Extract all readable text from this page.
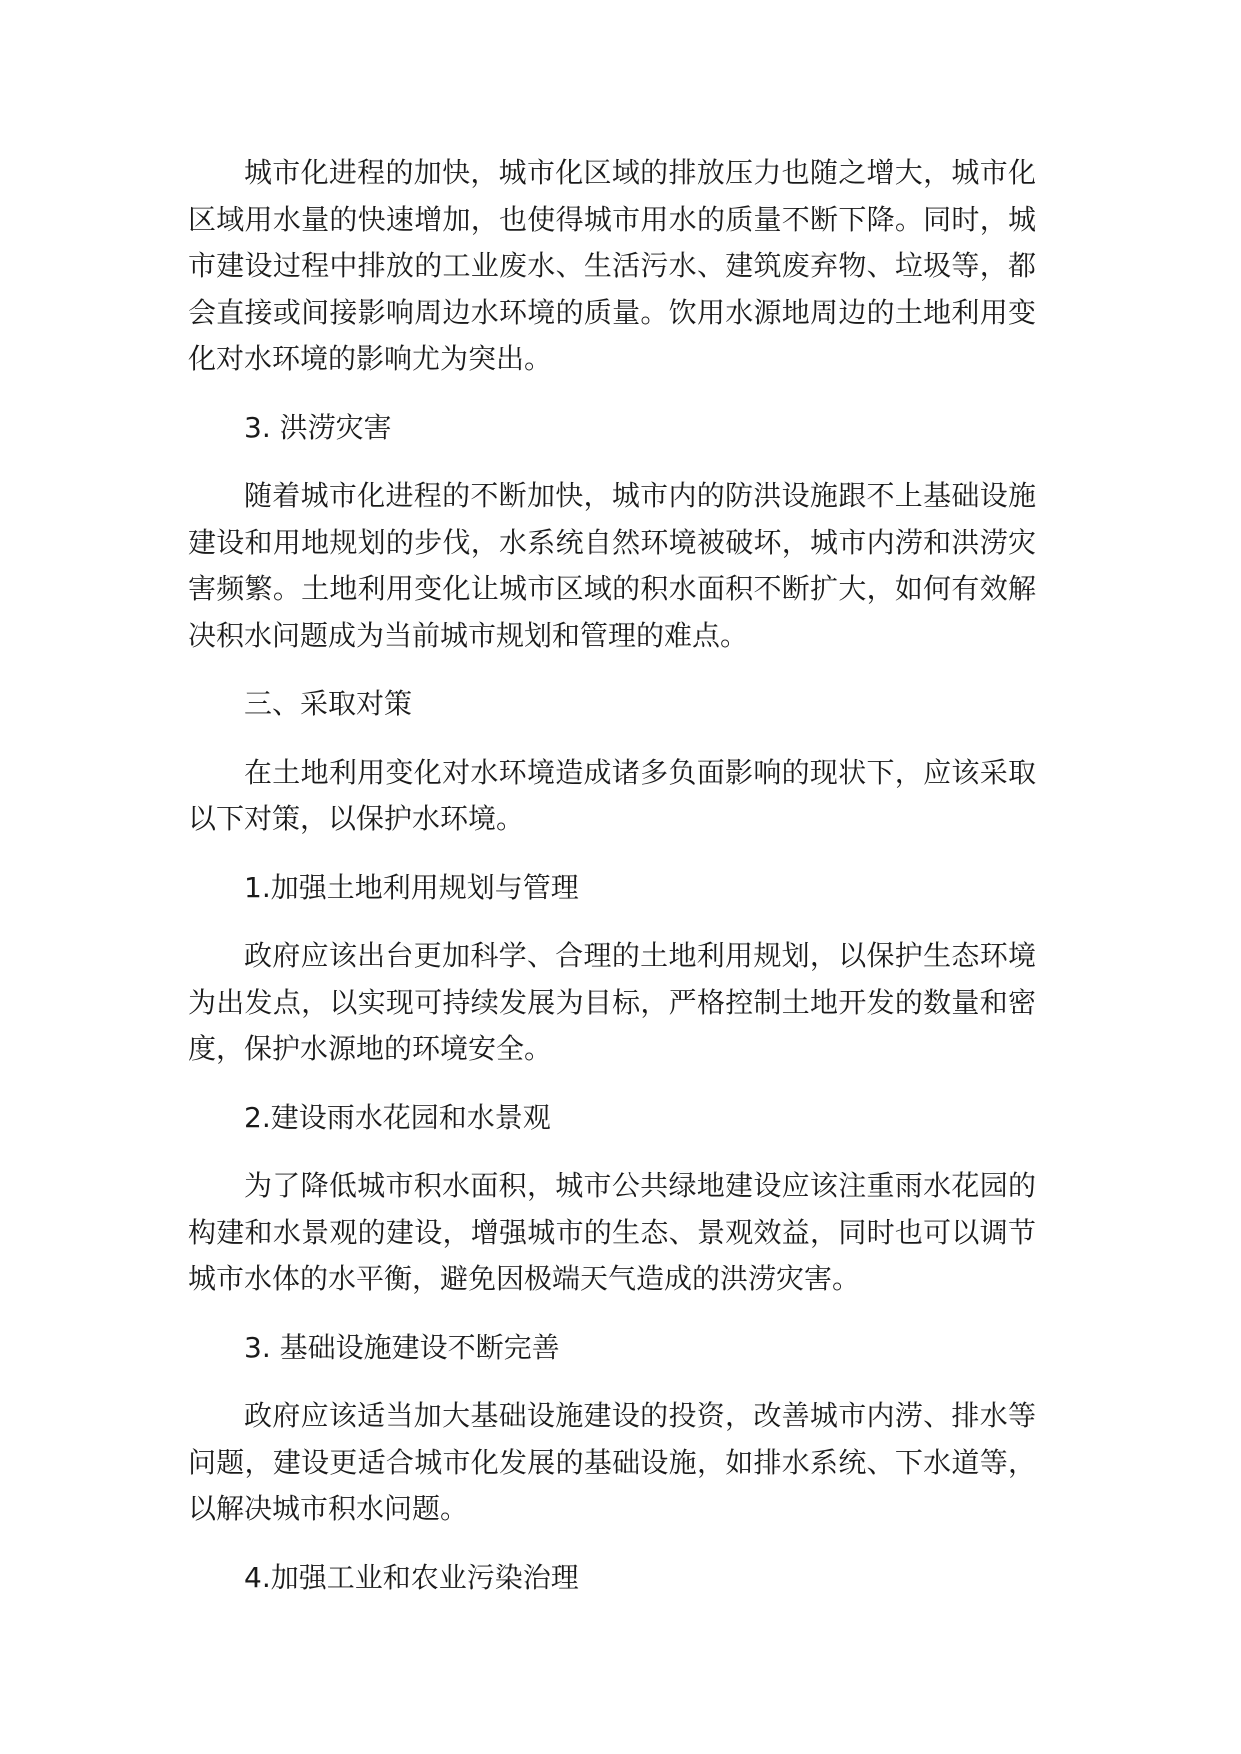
城市化进程的加快，城市化区域的排放压力也随之增大，城市化区域用水量的快速增加，也使得城市用水的质量不断下降。同时，城市建设过程中排放的工业废水、生活污水、建筑废弃物、垃圾等，都会直接或间接影响周边水环境的质量。饮用水源地周边的土地利用变化对水环境的影响尤为突出。

3. 洪涝灾害

随着城市化进程的不断加快，城市内的防洪设施跟不上基础设施建设和用地规划的步伐，水系统自然环境被破坏，城市内涝和洪涝灾害频繁。土地利用变化让城市区域的积水面积不断扩大，如何有效解决积水问题成为当前城市规划和管理的难点。

三、采取对策

在土地利用变化对水环境造成诸多负面影响的现状下，应该采取以下对策，以保护水环境。

1.加强土地利用规划与管理

政府应该出台更加科学、合理的土地利用规划，以保护生态环境为出发点，以实现可持续发展为目标，严格控制土地开发的数量和密度，保护水源地的环境安全。

2.建设雨水花园和水景观

为了降低城市积水面积，城市公共绿地建设应该注重雨水花园的构建和水景观的建设，增强城市的生态、景观效益，同时也可以调节城市水体的水平衡，避免因极端天气造成的洪涝灾害。

3. 基础设施建设不断完善

政府应该适当加大基础设施建设的投资，改善城市内涝、排水等问题，建设更适合城市化发展的基础设施，如排水系统、下水道等，以解决城市积水问题。

4.加强工业和农业污染治理
